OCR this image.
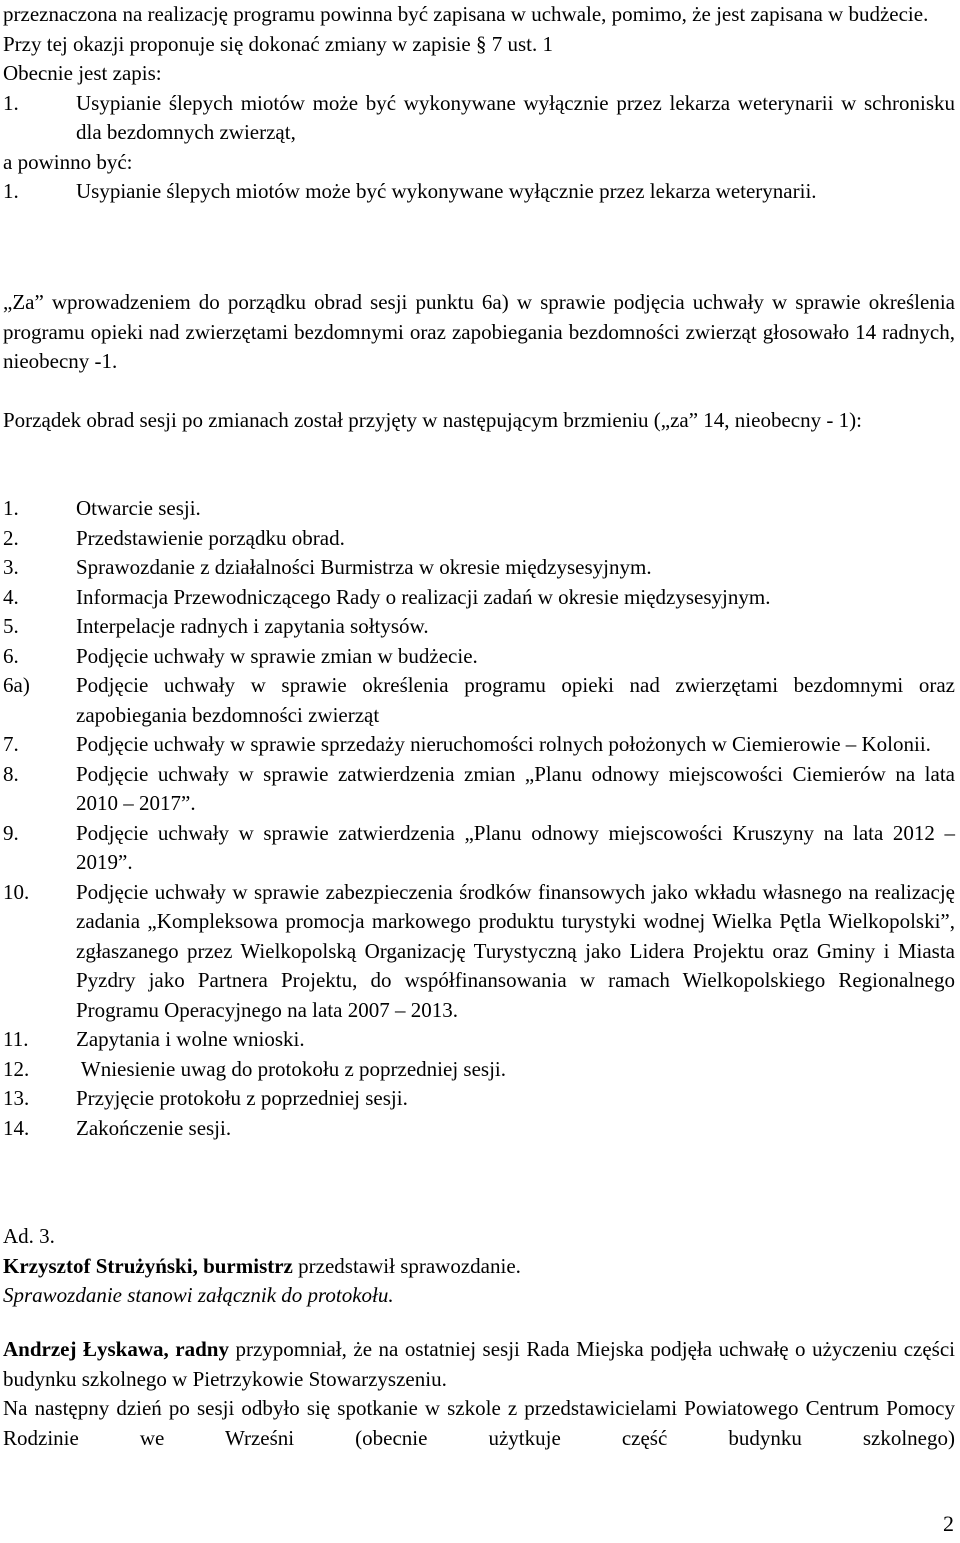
przeznaczona na realizację programu powinna być zapisana w uchwale, pomimo, że jest zapisana w budżecie.

Przy tej okazji proponuje się dokonać zmiany w zapisie § 7 ust. 1

Obecnie jest zapis:

1.	Usypianie ślepych miotów może być wykonywane wyłącznie przez lekarza weterynarii w schronisku dla bezdomnych zwierząt,

a powinno być:

1.	Usypianie ślepych miotów może być wykonywane wyłącznie przez lekarza weterynarii.

„Za” wprowadzeniem do porządku obrad sesji punktu 6a) w sprawie podjęcia uchwały w sprawie określenia programu opieki nad zwierzętami bezdomnymi oraz zapobiegania bezdomności zwierząt głosowało 14 radnych, nieobecny -1.

Porządek obrad sesji po zmianach został przyjęty w następującym brzmieniu („za” 14, nieobecny - 1):

1.	Otwarcie sesji.
2.	Przedstawienie porządku obrad.
3.	Sprawozdanie z działalności Burmistrza w okresie międzysesyjnym.
4.	Informacja Przewodniczącego Rady o realizacji zadań w okresie międzysesyjnym.
5.	Interpelacje radnych i zapytania sołtysów.
6.	Podjęcie uchwały w sprawie zmian w budżecie.
6a) Podjęcie uchwały w sprawie określenia programu opieki nad zwierzętami bezdomnymi oraz zapobiegania bezdomności zwierząt
7.	Podjęcie uchwały w sprawie sprzedaży nieruchomości rolnych położonych w Ciemierowie – Kolonii.
8.	Podjęcie uchwały w sprawie zatwierdzenia zmian „Planu odnowy miejscowości Ciemierów na lata 2010 – 2017”.
9.	Podjęcie uchwały w sprawie zatwierdzenia „Planu odnowy miejscowości Kruszyny na lata 2012 – 2019”.
10. Podjęcie uchwały w sprawie zabezpieczenia środków finansowych jako wkładu własnego na realizację zadania „Kompleksowa promocja markowego produktu turystyki wodnej Wielka Pętla Wielkopolski”, zgłaszanego przez Wielkopolską Organizację Turystyczną jako Lidera Projektu oraz Gminy i Miasta Pyzdry jako Partnera Projektu, do współfinansowania w ramach Wielkopolskiego Regionalnego Programu Operacyjnego na lata 2007 – 2013.
11. Zapytania i wolne wnioski.
12. Wniesienie uwag do protokołu z poprzedniej sesji.
13. Przyjęcie protokołu z poprzedniej sesji.
14. Zakończenie sesji.

Ad. 3.

Krzysztof Strużyński, burmistrz przedstawił sprawozdanie.

Sprawozdanie stanowi załącznik do protokołu.

Andrzej Łyskawa, radny przypomniał, że na ostatniej sesji Rada Miejska podjęła uchwałę o użyczeniu części budynku szkolnego w Pietrzykowie Stowarzyszeniu.

Na następny dzień po sesji odbyło się spotkanie w szkole z przedstawicielami Powiatowego Centrum Pomocy Rodzinie we Wrześni (obecnie użytkuje część budynku szkolnego)

2
